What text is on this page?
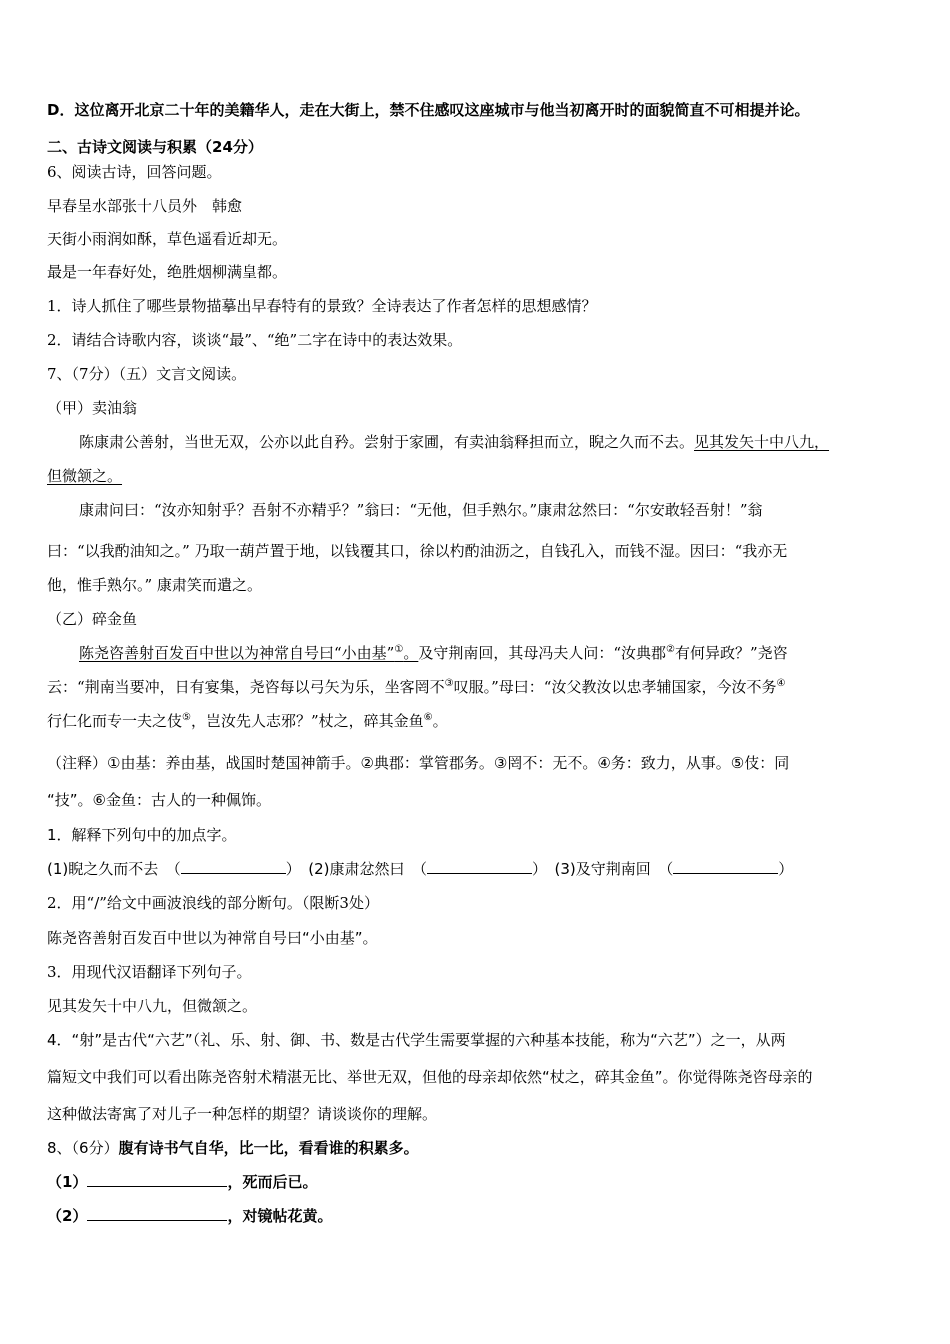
D．这位离开北京二十年的美籍华人，走在大街上，禁不住感叹这座城市与他当初离开时的面貌简直不可相提并论。
二、古诗文阅读与积累（24分）
6、阅读古诗，回答问题。
早春呈水部张十八员外　韩愈
天街小雨润如酥，草色遥看近却无。
最是一年春好处，绝胜烟柳满皇都。
1．诗人抓住了哪些景物描摹出早春特有的景致？全诗表达了作者怎样的思想感情？
2．请结合诗歌内容，谈谈“最”、“绝”二字在诗中的表达效果。
7、（7分）（五）文言文阅读。
（甲）卖油翁
陈康肃公善射，当世无双，公亦以此自矜。尝射于家圃，有卖油翁释担而立，睨之久而不去。见其发矢十中八九，
但微颔之。
康肃问曰：“汝亦知射乎？吾射不亦精乎？”翁曰：“无他，但手熟尔。”康肃忿然曰：“尔安敢轻吾射！”翁
曰：“以我酌油知之。” 乃取一葫芦置于地，以钱覆其口，徐以杓酌油沥之，自钱孔入，而钱不湿。因曰：“我亦无
他，惟手熟尔。” 康肃笑而遣之。
（乙）碎金鱼
陈尧咨善射百发百中世以为神常自号曰“小由基”①。及守荆南回，其母冯夫人问：“汝典郡②有何异政？”尧咨
云：“荆南当要冲，日有宴集，尧咨每以弓矢为乐，坐客罔不③叹服。”母曰：“汝父教汝以忠孝辅国家，今汝不务④
行仁化而专一夫之伎⑤，岂汝先人志邪？”杖之，碎其金鱼⑥。
（注释）①由基：养由基，战国时楚国神箭手。②典郡：掌管郡务。③罔不：无不。④务：致力，从事。⑤伎：同
“技”。⑥金鱼：古人的一种佩饰。
1．解释下列句中的加点字。
(1)睨之久而不去　（	）　(2)康肃忿然曰　（	）　(3)及守荆南回　（	）
2．用“/”给文中画波浪线的部分断句。（限断3处）
陈尧咨善射百发百中世以为神常自号曰“小由基”。
3．用现代汉语翻译下列句子。
见其发矢十中八九，但微颔之。
4．“射”是古代“六艺”（礼、乐、射、御、书、数是古代学生需要掌握的六种基本技能，称为“六艺”）之一，从两
篇短文中我们可以看出陈尧咨射术精湛无比、举世无双，但他的母亲却依然“杖之，碎其金鱼”。你觉得陈尧咨母亲的
这种做法寄寓了对儿子一种怎样的期望？请谈谈你的理解。
8、（6分）腹有诗书气自华，比一比，看看谁的积累多。
（1）	，死而后已。
（2）	，对镜帖花黄。
